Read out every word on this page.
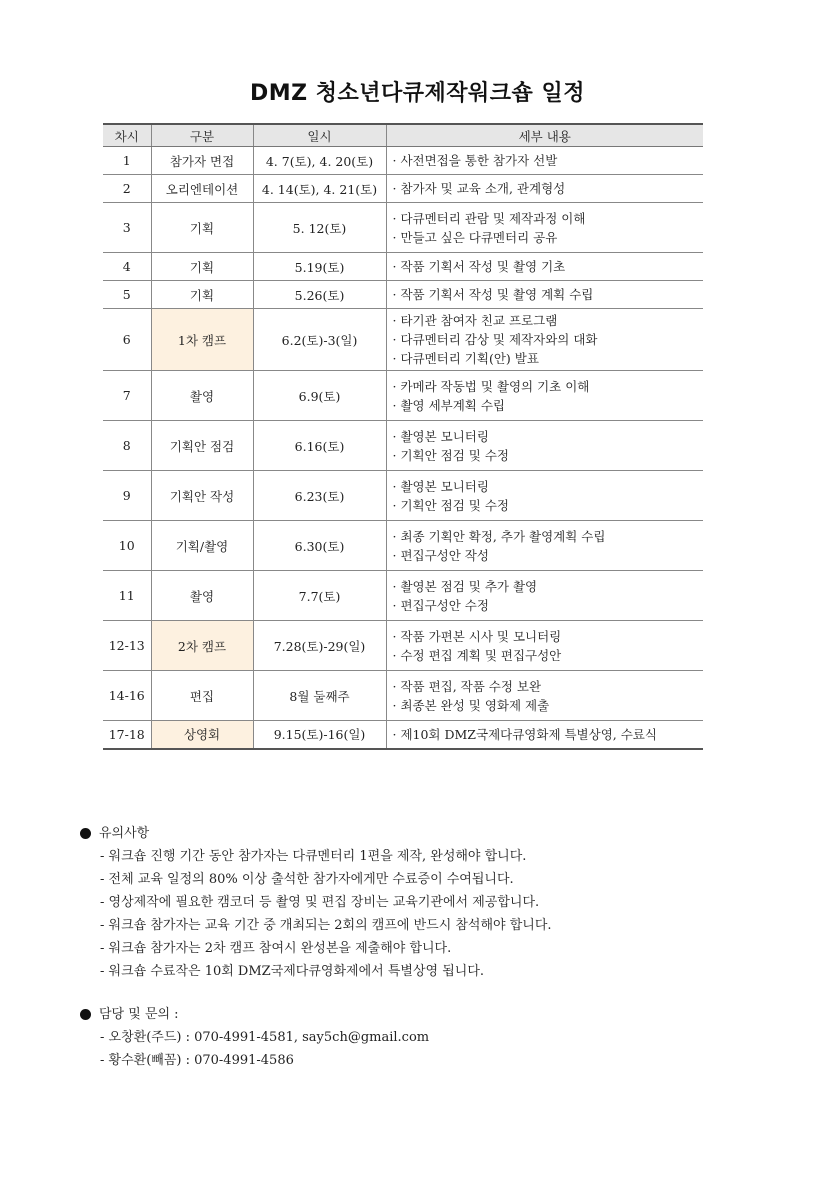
DMZ 청소년다큐제작워크숍 일정
차시	구분	일시	세부 내용
1	참가자 면접	4. 7(토), 4. 20(토)	· 사전면접을 통한 참가자 선발

2	오리엔테이션	4. 14(토), 4. 21(토)	· 참가자 및 교육 소개, 관계형성

3	기획	5. 12(토)	· 다큐멘터리 관람 및 제작과정 이해
· 만들고 싶은 다큐멘터리 공유

4	기획	5.19(토)	· 작품 기획서 작성 및 촬영 기초

5	기획	5.26(토)	· 작품 기획서 작성 및 촬영 계획 수립

6	1차 캠프	6.2(토)-3(일)	· 타기관 참여자 친교 프로그램
· 다큐멘터리 감상 및 제작자와의 대화
· 다큐멘터리 기획(안) 발표

7	촬영	6.9(토)	· 카메라 작동법 및 촬영의 기초 이해
· 촬영 세부계획 수립

8	기획안 점검	6.16(토)	· 촬영본 모니터링
· 기획안 점검 및 수정

9	기획안 작성	6.23(토)	· 촬영본 모니터링
· 기획안 점검 및 수정

10	기획/촬영	6.30(토)	· 최종 기획안 확정, 추가 촬영계획 수립
· 편집구성안 작성

11	촬영	7.7(토)	· 촬영본 점검 및 추가 촬영
· 편집구성안 수정

12-13	2차 캠프	7.28(토)-29(일)	· 작품 가편본 시사 및 모니터링
· 수정 편집 계획 및 편집구성안

14-16	편집	8월 둘째주	· 작품 편집, 작품 수정 보완
· 최종본 완성 및 영화제 제출

17-18	상영회	9.15(토)-16(일)	· 제10회 DMZ국제다큐영화제 특별상영, 수료식
유의사항
- 워크숍 진행 기간 동안 참가자는 다큐멘터리 1편을 제작, 완성해야 합니다.
- 전체 교육 일정의 80% 이상 출석한 참가자에게만 수료증이 수여됩니다.
- 영상제작에 필요한 캠코더 등 촬영 및 편집 장비는 교육기관에서 제공합니다.
- 워크숍 참가자는 교육 기간 중 개최되는 2회의 캠프에 반드시 참석해야 합니다.
- 워크숍 참가자는 2차 캠프 참여시 완성본을 제출해야 합니다.
- 워크숍 수료작은 10회 DMZ국제다큐영화제에서 특별상영 됩니다.
담당 및 문의 :
- 오창환(주드) : 070-4991-4581, say5ch@gmail.com
- 황수환(빼꼼) : 070-4991-4586
